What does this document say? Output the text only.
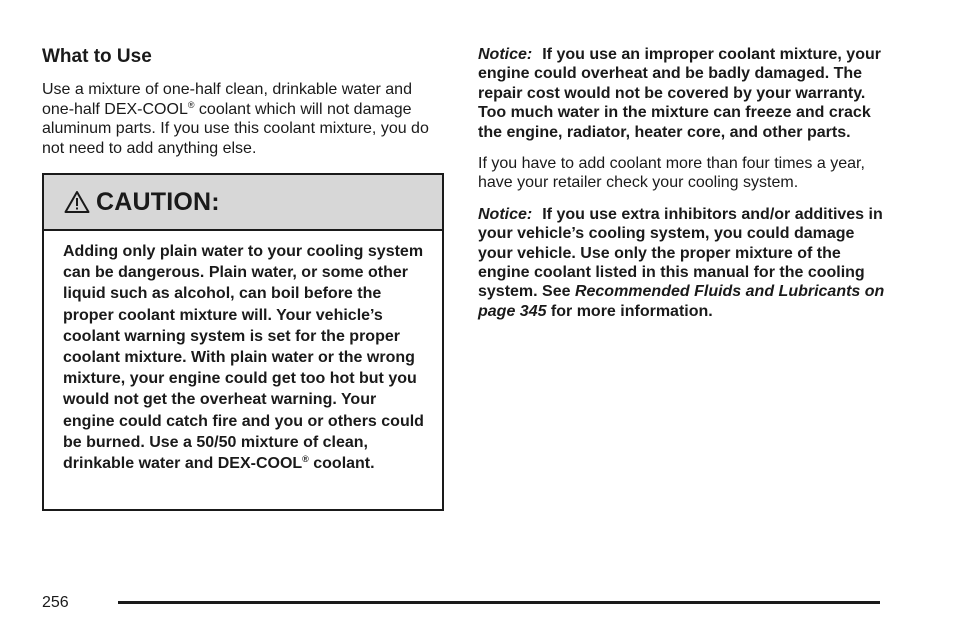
What to Use

Use a mixture of one-half clean, drinkable water and one-half DEX-COOL® coolant which will not damage aluminum parts. If you use this coolant mixture, you do not need to add anything else.

CAUTION:
Adding only plain water to your cooling system can be dangerous. Plain water, or some other liquid such as alcohol, can boil before the proper coolant mixture will. Your vehicle’s coolant warning system is set for the proper coolant mixture. With plain water or the wrong mixture, your engine could get too hot but you would not get the overheat warning. Your engine could catch fire and you or others could be burned. Use a 50/50 mixture of clean, drinkable water and DEX-COOL® coolant.

Notice: If you use an improper coolant mixture, your engine could overheat and be badly damaged. The repair cost would not be covered by your warranty. Too much water in the mixture can freeze and crack the engine, radiator, heater core, and other parts.

If you have to add coolant more than four times a year, have your retailer check your cooling system.

Notice: If you use extra inhibitors and/or additives in your vehicle’s cooling system, you could damage your vehicle. Use only the proper mixture of the engine coolant listed in this manual for the cooling system. See Recommended Fluids and Lubricants on page 345 for more information.

256
